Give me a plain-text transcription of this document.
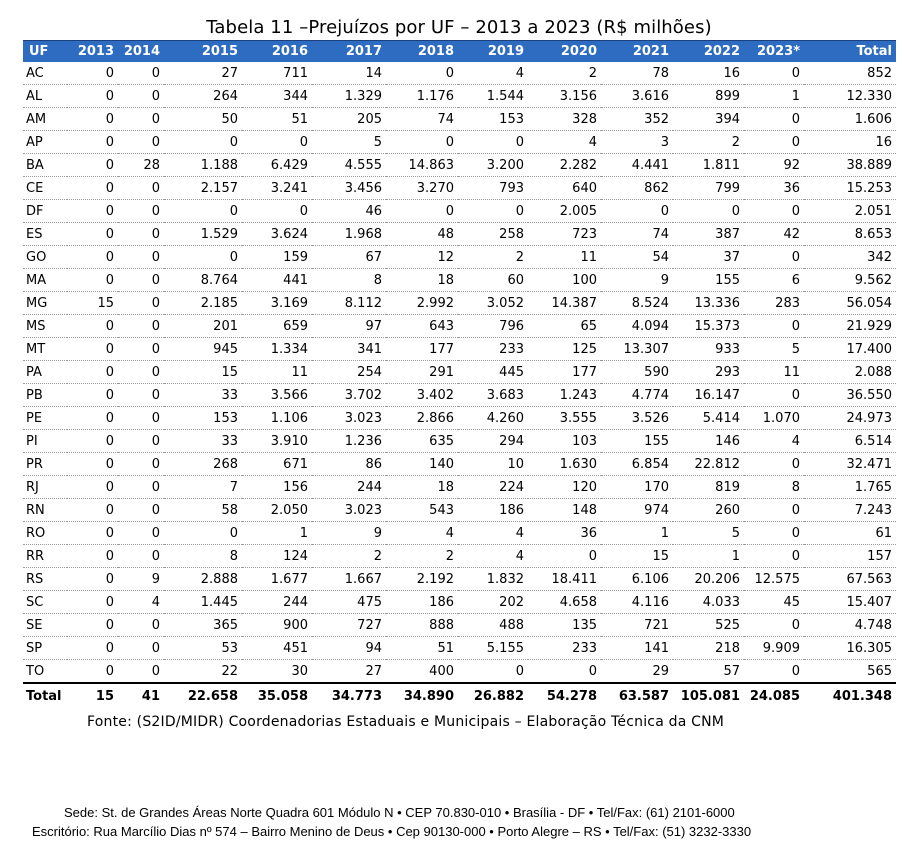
Tabela 11 –Prejuízos por UF – 2013 a 2023 (R$ milhões)
UF	2013	2014	2015	2016	2017	2018	2019	2020	2021	2022	2023*	Total
AC	0	0	27	711	14	0	4	2	78	16	0	852
AL	0	0	264	344	1.329	1.176	1.544	3.156	3.616	899	1	12.330
AM	0	0	50	51	205	74	153	328	352	394	0	1.606
AP	0	0	0	0	5	0	0	4	3	2	0	16
BA	0	28	1.188	6.429	4.555	14.863	3.200	2.282	4.441	1.811	92	38.889
CE	0	0	2.157	3.241	3.456	3.270	793	640	862	799	36	15.253
DF	0	0	0	0	46	0	0	2.005	0	0	0	2.051
ES	0	0	1.529	3.624	1.968	48	258	723	74	387	42	8.653
GO	0	0	0	159	67	12	2	11	54	37	0	342
MA	0	0	8.764	441	8	18	60	100	9	155	6	9.562
MG	15	0	2.185	3.169	8.112	2.992	3.052	14.387	8.524	13.336	283	56.054
MS	0	0	201	659	97	643	796	65	4.094	15.373	0	21.929
MT	0	0	945	1.334	341	177	233	125	13.307	933	5	17.400
PA	0	0	15	11	254	291	445	177	590	293	11	2.088
PB	0	0	33	3.566	3.702	3.402	3.683	1.243	4.774	16.147	0	36.550
PE	0	0	153	1.106	3.023	2.866	4.260	3.555	3.526	5.414	1.070	24.973
PI	0	0	33	3.910	1.236	635	294	103	155	146	4	6.514
PR	0	0	268	671	86	140	10	1.630	6.854	22.812	0	32.471
RJ	0	0	7	156	244	18	224	120	170	819	8	1.765
RN	0	0	58	2.050	3.023	543	186	148	974	260	0	7.243
RO	0	0	0	1	9	4	4	36	1	5	0	61
RR	0	0	8	124	2	2	4	0	15	1	0	157
RS	0	9	2.888	1.677	1.667	2.192	1.832	18.411	6.106	20.206	12.575	67.563
SC	0	4	1.445	244	475	186	202	4.658	4.116	4.033	45	15.407
SE	0	0	365	900	727	888	488	135	721	525	0	4.748
SP	0	0	53	451	94	51	5.155	233	141	218	9.909	16.305
TO	0	0	22	30	27	400	0	0	29	57	0	565
Total	15	41	22.658	35.058	34.773	34.890	26.882	54.278	63.587	105.081	24.085	401.348
Fonte: (S2ID/MIDR) Coordenadorias Estaduais e Municipais – Elaboração Técnica da CNM
Sede: St. de Grandes Áreas Norte Quadra 601 Módulo N • CEP 70.830-010 • Brasília - DF • Tel/Fax: (61) 2101-6000
Escritório: Rua Marcílio Dias nº 574 – Bairro Menino de Deus • Cep 90130-000 • Porto Alegre – RS • Tel/Fax: (51) 3232-3330
